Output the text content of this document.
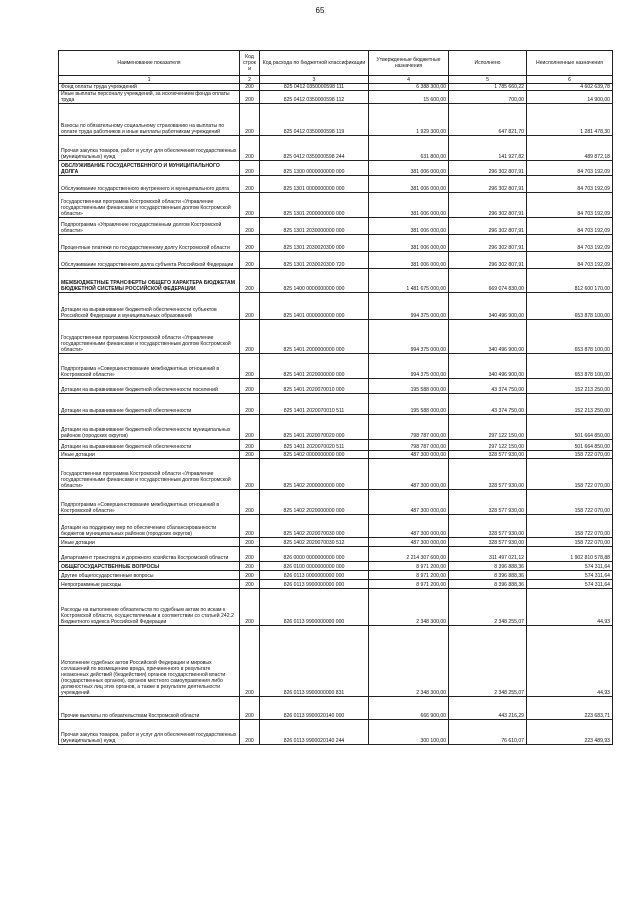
65
Наименование показателя	Код строк и	Код расхода по бюджетной классификации	Утвержденные бюджетные назначения	Исполнено	Неисполненные назначения
1	2	3	4	5	6
Фонд оплаты труда учреждений	200	825 0412 0350000598 111	6 388 300,00	1 785 660,22	4 602 639,78
Иные выплаты персоналу учреждений, за исключением фонда оплаты труда	200	825 0412 0350000598 112	15 600,00	700,00	14 900,00
Взносы по обязательному социальному страхованию на выплаты по оплате труда работников и иные выплаты работникам учреждений	200	825 0412 0350000598 119	1 929 300,00	647 821,70	1 281 478,30
Прочая закупка товаров, работ и услуг для обеспечения государственных (муниципальных) нужд	200	825 0412 0350000598 244	631 800,00	141 927,82	489 872,18
ОБСЛУЖИВАНИЕ ГОСУДАРСТВЕННОГО И МУНИЦИПАЛЬНОГО ДОЛГА	200	825 1300 0000000000 000	381 006 000,00	296 302 807,91	84 703 192,09
Обслуживание государственного внутреннего и муниципального долга	200	825 1301 0000000000 000	381 006 000,00	296 302 807,91	84 703 192,09
Государственная программа Костромской области «Управление государственными финансами и государственным долгом Костромской области»	200	825 1301 2000000000 000	381 006 000,00	296 302 807,91	84 703 192,09
Подпрограмма «Управление государственным долгом Костромской области»	200	825 1301 2030000000 000	381 006 000,00	296 302 807,91	84 703 192,09
Процентные платежи по государственному долгу Костромской области	200	825 1301 2030020300 000	381 006 000,00	296 302 807,91	84 703 192,09
Обслуживание государственного долга субъекта Российской Федерации	200	825 1301 2030020300 720	381 006 000,00	296 302 807,91	84 703 192,09
МЕЖБЮДЖЕТНЫЕ ТРАНСФЕРТЫ ОБЩЕГО ХАРАКТЕРА БЮДЖЕТАМ БЮДЖЕТНОЙ СИСТЕМЫ РОССИЙСКОЙ ФЕДЕРАЦИИ	200	825 1400 0000000000 000	1 481 675 000,00	669 074 830,00	812 600 170,00
Дотации на выравнивание бюджетной обеспеченности субъектов Российской Федерации и муниципальных образований	200	825 1401 0000000000 000	994 375 000,00	340 496 900,00	653 878 100,00
Государственная программа Костромской области «Управление государственными финансами и государственным долгом Костромской области»	200	825 1401 2000000000 000	994 375 000,00	340 496 900,00	653 878 100,00
Подпрограмма «Совершенствование межбюджетных отношений в Костромской области»	200	825 1401 2020000000 000	994 375 000,00	340 496 900,00	653 878 100,00
Дотации на выравнивание бюджетной обеспеченности поселений	200	825 1401 2020070010 000	195 588 000,00	43 374 750,00	152 213 250,00
Дотации на выравнивание бюджетной обеспеченности	200	825 1401 2020070010 511	195 588 000,00	43 374 750,00	152 213 250,00
Дотации на выравнивание бюджетной обеспеченности муниципальных районов (городских округов)	200	825 1401 2020070020 000	798 787 000,00	297 122 150,00	501 664 850,00
Дотации на выравнивание бюджетной обеспеченности	200	825 1401 2020070020 511	798 787 000,00	297 122 150,00	501 664 850,00
Иные дотации	200	825 1402 0000000000 000	487 300 000,00	328 577 930,00	158 722 070,00
Государственная программа Костромской области «Управление государственными финансами и государственным долгом Костромской области»	200	825 1402 2000000000 000	487 300 000,00	328 577 930,00	158 722 070,00
Подпрограмма «Совершенствование межбюджетных отношений в Костромской области»	200	825 1402 2020000000 000	487 300 000,00	328 577 930,00	158 722 070,00
Дотации на поддержку мер по обеспечению сбалансированности бюджетов муниципальных районов (городских округов)	200	825 1402 2020070030 000	487 300 000,00	328 577 930,00	158 722 070,00
Иные дотации	200	825 1402 2020070030 512	487 300 000,00	328 577 930,00	158 722 070,00
Департамент транспорта и дорожного хозяйства Костромской области	200	826 0000 0000000000 000	2 214 307 600,00	311 497 021,12	1 902 810 578,88
ОБЩЕГОСУДАРСТВЕННЫЕ ВОПРОСЫ	200	826 0100 0000000000 000	8 971 200,00	8 396 888,36	574 311,64
Другие общегосударственные вопросы	200	826 0113 0000000000 000	8 971 200,00	8 396 888,36	574 311,64
Непрограммные расходы	200	826 0113 9900000000 000	8 971 200,00	8 396 888,36	574 311,64
Расходы на выполнение обязательств по судебным актам по искам к Костромской области, осуществляемым в соответствии со статьей 242.2 Бюджетного кодекса Российской Федерации	200	826 0113 9900000000 000	2 348 300,00	2 348 255,07	44,93
Исполнение судебных актов Российской Федерации и мировых соглашений по возмещению вреда, причиненного в результате незаконных действий (бездействия) органов государственной власти (государственных органов), органов местного самоуправления либо должностных лиц этих органов, а также в результате деятельности учреждений	200	826 0113 9900000000 831	2 348 300,00	2 348 255,07	44,93
Прочие выплаты по обязательствам Костромской области	200	826 0113 9900020140 000	666 900,00	443 216,29	223 683,71
Прочая закупка товаров, работ и услуг для обеспечения государственных (муниципальных) нужд	200	826 0113 9900020140 244	300 100,00	76 610,07	223 489,93
